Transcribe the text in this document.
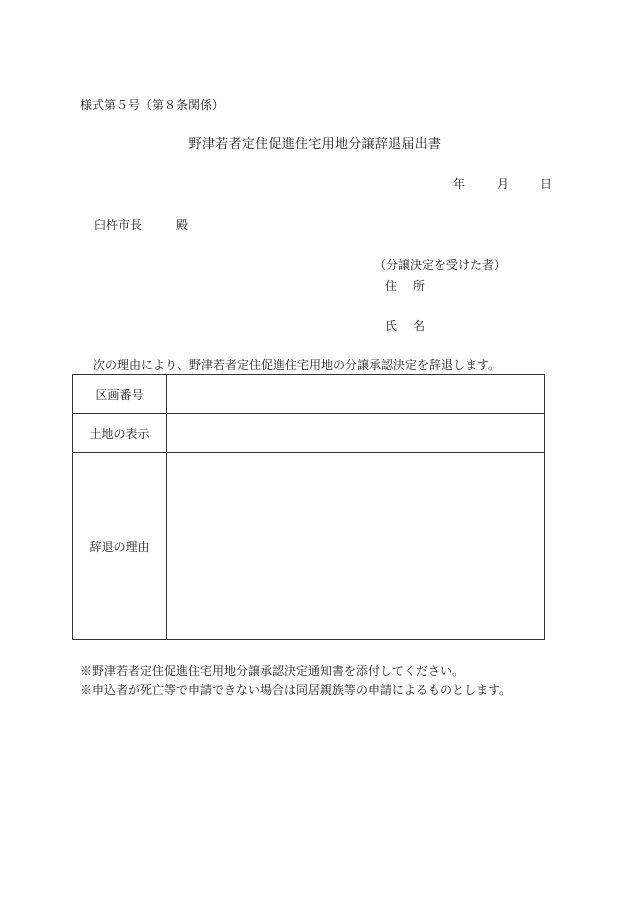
様式第５号（第８条関係）
野津若者定住促進住宅用地分譲辞退届出書
年	月	日
臼杵市長	殿
（分譲決定を受けた者）
住　所
氏　名
次の理由により、野津若者定住促進住宅用地の分譲承認決定を辞退します。
区画番号	
土地の表示	
辞退の理由	
※野津若者定住促進住宅用地分譲承認決定通知書を添付してください。
※申込者が死亡等で申請できない場合は同居親族等の申請によるものとします。
